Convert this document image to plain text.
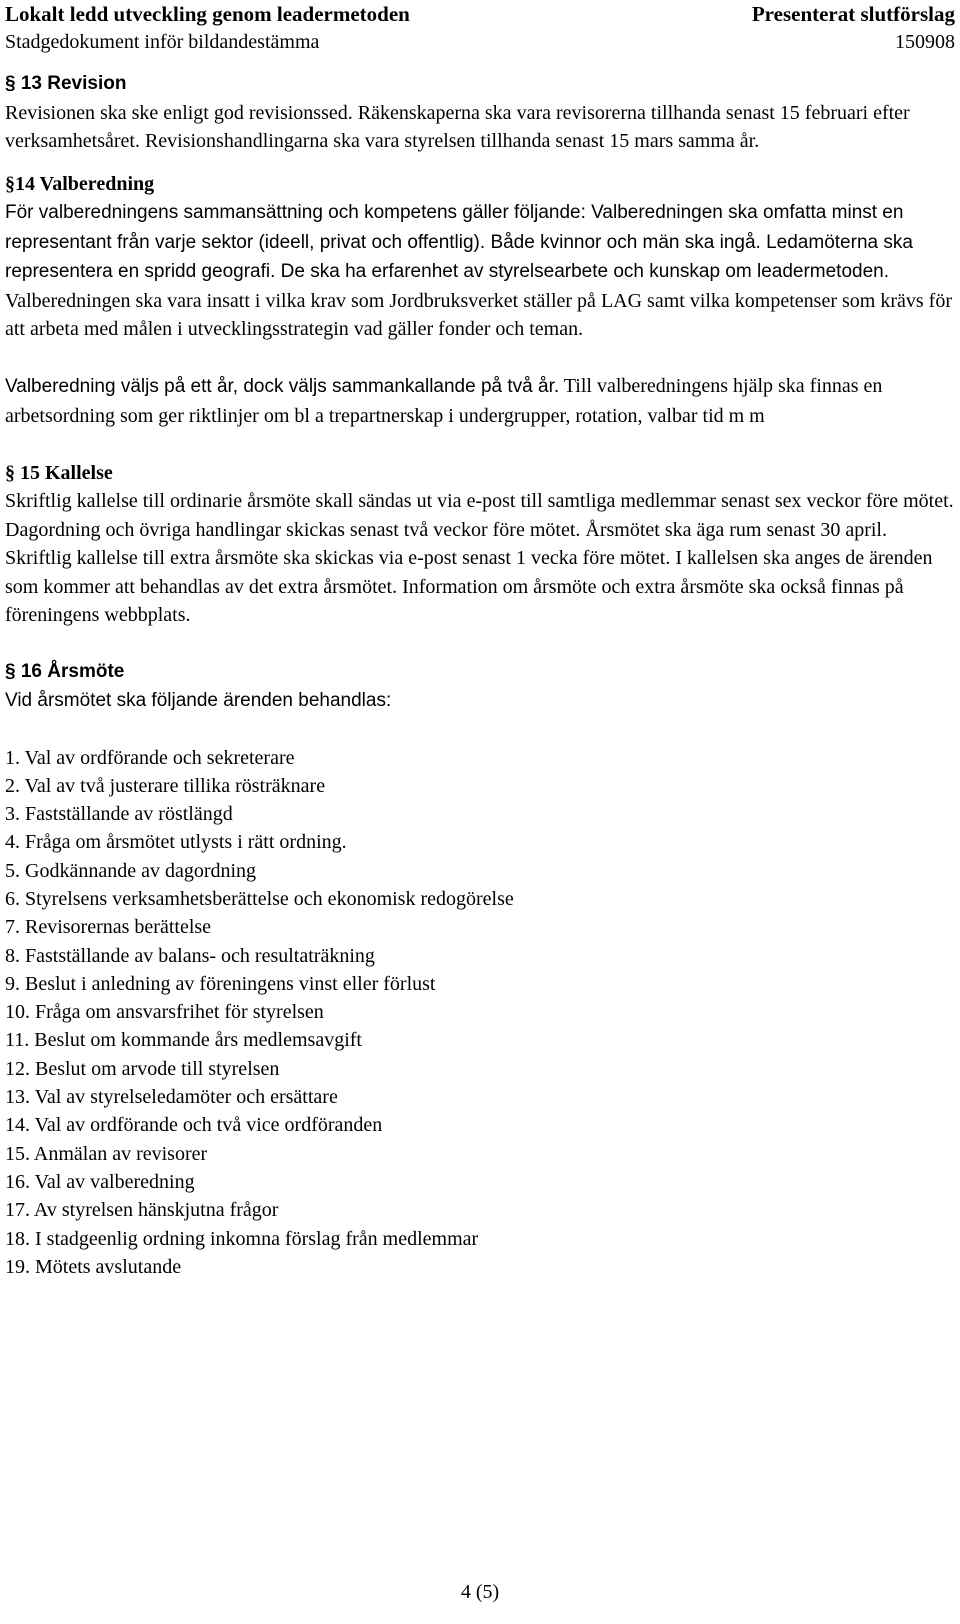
Lokalt ledd utveckling genom leadermetoden	Presenterat slutförslag
Stadgedokument inför bildandestämma	150908
§ 13 Revision

Revisionen ska ske enligt god revisionssed. Räkenskaperna ska vara revisorerna tillhanda senast 15 februari efter verksamhetsåret. Revisionshandlingarna ska vara styrelsen tillhanda senast 15 mars samma år.

§14 Valberedning

För valberedningens sammansättning och kompetens gäller följande: Valberedningen ska omfatta minst en representant från varje sektor (ideell, privat och offentlig). Både kvinnor och män ska ingå. Ledamöterna ska representera en spridd geografi. De ska ha erfarenhet av styrelsearbete och kunskap om leadermetoden. Valberedningen ska vara insatt i vilka krav som Jordbruksverket ställer på LAG samt vilka kompetenser som krävs för att arbeta med målen i utvecklingsstrategin vad gäller fonder och teman.

Valberedning väljs på ett år, dock väljs sammankallande på två år. Till valberedningens hjälp ska finnas en arbetsordning som ger riktlinjer om bl a trepartnerskap i undergrupper, rotation, valbar tid m m

§ 15 Kallelse

Skriftlig kallelse till ordinarie årsmöte skall sändas ut via e-post till samtliga medlemmar senast sex veckor före mötet. Dagordning och övriga handlingar skickas senast två veckor före mötet. Årsmötet ska äga rum senast 30 april. Skriftlig kallelse till extra årsmöte ska skickas via e-post senast 1 vecka före mötet. I kallelsen ska anges de ärenden som kommer att behandlas av det extra årsmötet. Information om årsmöte och extra årsmöte ska också finnas på föreningens webbplats.

§ 16 Årsmöte

Vid årsmötet ska följande ärenden behandlas:

1. Val av ordförande och sekreterare
2. Val av två justerare tillika rösträknare
3. Fastställande av röstlängd
4. Fråga om årsmötet utlysts i rätt ordning.
5. Godkännande av dagordning
6. Styrelsens verksamhetsberättelse och ekonomisk redogörelse
7. Revisorernas berättelse
8. Fastställande av balans- och resultaträkning
9. Beslut i anledning av föreningens vinst eller förlust
10. Fråga om ansvarsfrihet för styrelsen
11. Beslut om kommande års medlemsavgift
12. Beslut om arvode till styrelsen
13. Val av styrelseledamöter och ersättare
14. Val av ordförande och två vice ordföranden
15. Anmälan av revisorer
16. Val av valberedning
17. Av styrelsen hänskjutna frågor
18. I stadgeenlig ordning inkomna förslag från medlemmar
19. Mötets avslutande
4 (5)
